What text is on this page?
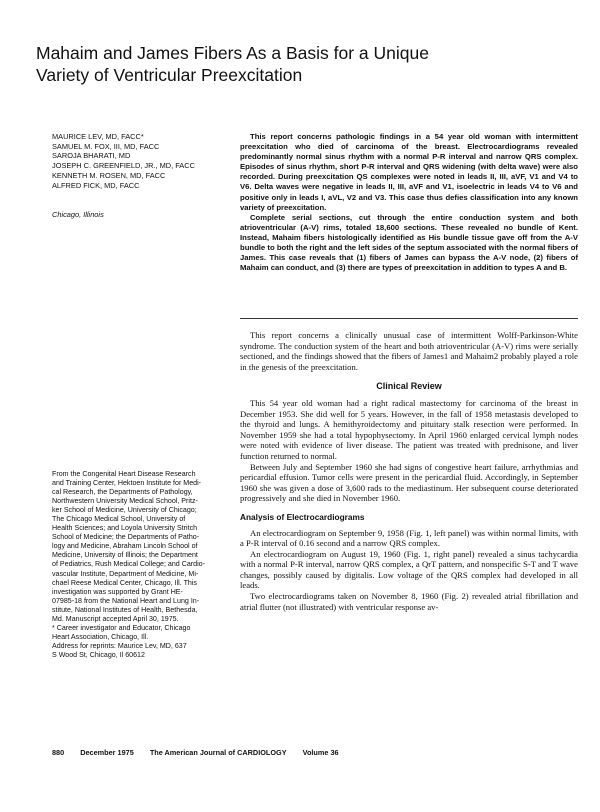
Mahaim and James Fibers As a Basis for a Unique
Variety of Ventricular Preexcitation
MAURICE LEV, MD, FACC*
SAMUEL M. FOX, III, MD, FACC
SAROJA BHARATI, MD
JOSEPH C. GREENFIELD, JR., MD, FACC
KENNETH M. ROSEN, MD, FACC
ALFRED FICK, MD, FACC
Chicago, Illinois

This report concerns pathologic findings in a 54 year old woman with intermittent preexcitation who died of carcinoma of the breast. Electrocardiograms revealed predominantly normal sinus rhythm with a normal P-R interval and narrow QRS complex. Episodes of sinus rhythm, short P-R interval and QRS widening (with delta wave) were also recorded. During preexcitation QS complexes were noted in leads II, III, aVF, V1 and V4 to V6. Delta waves were negative in leads II, III, aVF and V1, isoelectric in leads V4 to V6 and positive only in leads I, aVL, V2 and V3. This case thus defies classification into any known variety of preexcitation.

Complete serial sections, cut through the entire conduction system and both atrioventricular (A-V) rims, totaled 18,600 sections. These revealed no bundle of Kent. Instead, Mahaim fibers histologically identified as His bundle tissue gave off from the A-V bundle to both the right and the left sides of the septum associated with the normal fibers of James. This case reveals that (1) fibers of James can bypass the A-V node, (2) fibers of Mahaim can conduct, and (3) there are types of preexcitation in addition to types A and B.

This report concerns a clinically unusual case of intermittent Wolff-Parkinson-White syndrome. The conduction system of the heart and both atrioventricular (A-V) rims were serially sectioned, and the findings showed that the fibers of James1 and Mahaim2 probably played a role in the genesis of the preexcitation.

Clinical Review

This 54 year old woman had a right radical mastectomy for carcinoma of the breast in December 1953. She did well for 5 years. However, in the fall of 1958 metastasis developed to the thyroid and lungs. A hemithyroidectomy and pituitary stalk resection were performed. In November 1959 she had a total hypophysectomy. In April 1960 enlarged cervical lymph nodes were noted with evidence of liver disease. The patient was treated with prednisone, and liver function returned to normal.

Between July and September 1960 she had signs of congestive heart failure, arrhythmias and pericardial effusion. Tumor cells were present in the pericardial fluid. Accordingly, in September 1960 she was given a dose of 3,600 rads to the mediastinum. Her subsequent course deteriorated progressively and she died in November 1960.

Analysis of Electrocardiograms

An electrocardiogram on September 9, 1958 (Fig. 1, left panel) was within normal limits, with a P-R interval of 0.16 second and a narrow QRS complex.

An electrocardiogram on August 19, 1960 (Fig. 1, right panel) revealed a sinus tachycardia with a normal P-R interval, narrow QRS complex, a QrT pattern, and nonspecific S-T and T wave changes, possibly caused by digitalis. Low voltage of the QRS complex had developed in all leads.

Two electrocardiograms taken on November 8, 1960 (Fig. 2) revealed atrial fibrillation and atrial flutter (not illustrated) with ventricular response av-

From the Congenital Heart Disease Research
and Training Center, Hektoen Institute for Medi-
cal Research, the Departments of Pathology,
Northwestern University Medical School, Pritz-
ker School of Medicine, University of Chicago;
The Chicago Medical School, University of
Health Sciences; and Loyola University Stritch
School of Medicine; the Departments of Patho-
logy and Medicine, Abraham Lincoln School of
Medicine, University of Illinois; the Department
of Pediatrics, Rush Medical College; and Cardio-
vascular Institute, Department of Medicine, Mi-
chael Reese Medical Center, Chicago, Ill. This
investigation was supported by Grant HE-
07985-18 from the National Heart and Lung In-
stitute, National Institutes of Health, Bethesda,
Md. Manuscript accepted April 30, 1975.
* Career investigator and Educator, Chicago
Heart Association, Chicago, Ill.
Address for reprints: Maurice Lev, MD, 637
S Wood St, Chicago, Il 60612
880 December 1975 The American Journal of CARDIOLOGY Volume 36
